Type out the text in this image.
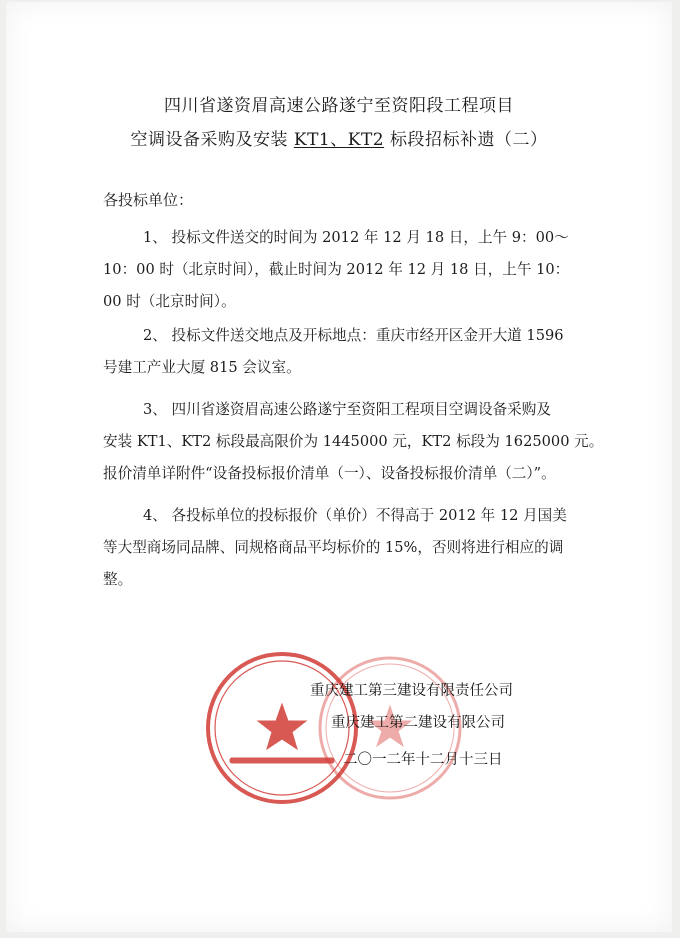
四川省遂资眉高速公路遂宁至资阳段工程项目
空调设备采购及安装 KT1、KT2 标段招标补遗（二）
各投标单位：
1、 投标文件送交的时间为 2012 年 12 月 18 日，上午 9：00～
10：00 时（北京时间），截止时间为 2012 年 12 月 18 日，上午 10：
00 时（北京时间）。
2、 投标文件送交地点及开标地点：重庆市经开区金开大道 1596
号建工产业大厦 815 会议室。
3、 四川省遂资眉高速公路遂宁至资阳工程项目空调设备采购及
安装 KT1、KT2 标段最高限价为 1445000 元，KT2 标段为 1625000 元。
报价清单详附件“设备投标报价清单（一）、设备投标报价清单（二）”。
4、 各投标单位的投标报价（单价）不得高于 2012 年 12 月国美
等大型商场同品牌、同规格商品平均标价的 15%，否则将进行相应的调
整。
重庆建工第三建设有限责任公司
重庆建工第二建设有限公司
二〇一二年十二月十三日
